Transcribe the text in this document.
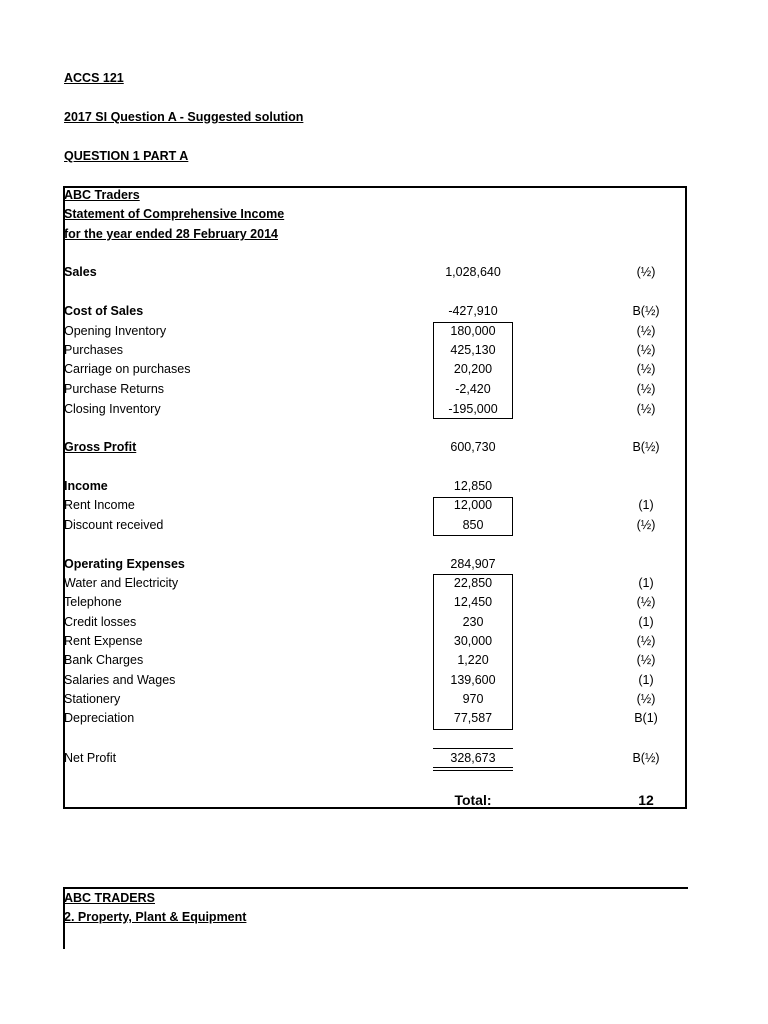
ACCS 121
2017 SI Question A - Suggested solution
QUESTION 1 PART A
ABC Traders
Statement of Comprehensive Income
for the year ended 28 February 2014
Sales	1,028,640	(½)
Cost of Sales	-427,910	B(½)
Opening Inventory	180,000	(½)
Purchases	425,130	(½)
Carriage on purchases	20,200	(½)
Purchase Returns	-2,420	(½)
Closing Inventory	-195,000	(½)
Gross Profit	600,730	B(½)
Income	12,850
Rent Income	12,000	(1)
Discount received	850	(½)
Operating Expenses	284,907
Water and Electricity	22,850	(1)
Telephone	12,450	(½)
Credit losses	230	(1)
Rent Expense	30,000	(½)
Bank Charges	1,220	(½)
Salaries and Wages	139,600	(1)
Stationery	970	(½)
Depreciation	77,587	B(1)
Net Profit	328,673	B(½)
Total:	12
ABC TRADERS
2. Property, Plant & Equipment
